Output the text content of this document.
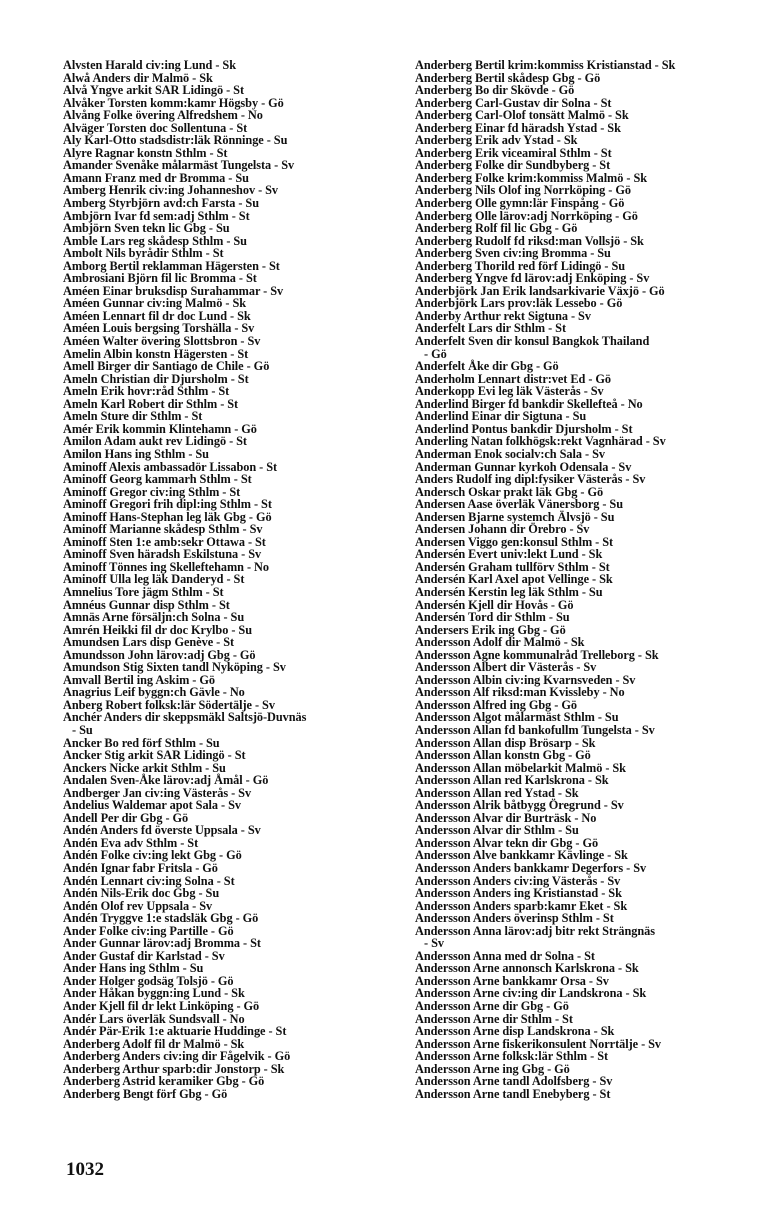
Alvsten Harald civ:ing Lund - Sk
Alwå Anders dir Malmö - Sk
Alvå Yngve arkit SAR Lidingö - St
Alvåker Torsten komm:kamr Högsby - Gö
Alvång Folke övering Alfredshem - No
Alväger Torsten doc Sollentuna - St
Aly Karl-Otto stadsdistr:läk Rönninge - Su
Alyre Ragnar konstn Sthlm - St
Amander Svenåke målarmäst Tungelsta - Sv
Amann Franz med dr Bromma - Su
Amberg Henrik civ:ing Johanneshov - Sv
Amberg Styrbjörn avd:ch Farsta - Su
Ambjörn Ivar fd sem:adj Sthlm - St
Ambjörn Sven tekn lic Gbg - Su
Amble Lars reg skådesp Sthlm - Su
Ambolt Nils byrådir Sthlm - St
Amborg Bertil reklamman Hägersten - St
Ambrosiani Björn fil lic Bromma - St
Améen Einar bruksdisp Surahammar - Sv
Améen Gunnar civ:ing Malmö - Sk
Améen Lennart fil dr doc Lund - Sk
Améen Louis bergsing Torshälla - Sv
Améen Walter övering Slottsbron - Sv
Amelin Albin konstn Hägersten - St
Amell Birger dir Santiago de Chile - Gö
Ameln Christian dir Djursholm - St
Ameln Erik hovr:råd Sthlm - St
Ameln Karl Robert dir Sthlm - St
Ameln Sture dir Sthlm - St
Amér Erik kommin Klintehamn - Gö
Amilon Adam aukt rev Lidingö - St
Amilon Hans ing Sthlm - Su
Aminoff Alexis ambassadör Lissabon - St
Aminoff Georg kammarh Sthlm - St
Aminoff Gregor civ:ing Sthlm - St
Aminoff Gregori frih dipl:ing Sthlm - St
Aminoff Hans-Stephan leg läk Gbg - Gö
Aminoff Marianne skådesp Sthlm - Sv
Aminoff Sten 1:e amb:sekr Ottawa - St
Aminoff Sven häradsh Eskilstuna - Sv
Aminoff Tönnes ing Skelleftehamn - No
Aminoff Ulla leg läk Danderyd - St
Amnelius Tore jägm Sthlm - St
Amnéus Gunnar disp Sthlm - St
Amnäs Arne försäljn:ch Solna - Su
Amrén Heikki fil dr doc Krylbo - Su
Amundsen Lars disp Genève - St
Amundsson John lärov:adj Gbg - Gö
Amundson Stig Sixten tandl Nyköping - Sv
Amvall Bertil ing Askim - Gö
Anagrius Leif byggn:ch Gävle - No
Anberg Robert folksk:lär Södertälje - Sv
Anchér Anders dir skeppsmäkl Saltsjö-Duvnäs
- Su
Ancker Bo red förf Sthlm - Su
Ancker Stig arkit SAR Lidingö - St
Anckers Nicke arkit Sthlm - Su
Andalen Sven-Åke lärov:adj Åmål - Gö
Andberger Jan civ:ing Västerås - Sv
Andelius Waldemar apot Sala - Sv
Andell Per dir Gbg - Gö
Andén Anders fd överste Uppsala - Sv
Andén Eva adv Sthlm - St
Andén Folke civ:ing lekt Gbg - Gö
Andén Ignar fabr Fritsla - Gö
Andén Lennart civ:ing Solna - St
Andén Nils-Erik doc Gbg - Su
Andén Olof rev Uppsala - Sv
Andén Tryggve 1:e stadsläk Gbg - Gö
Ander Folke civ:ing Partille - Gö
Ander Gunnar lärov:adj Bromma - St
Ander Gustaf dir Karlstad - Sv
Ander Hans ing Sthlm - Su
Ander Holger godsäg Tolsjö - Gö
Ander Håkan byggn:ing Lund - Sk
Ander Kjell fil dr lekt Linköping - Gö
Andér Lars överläk Sundsvall - No
Andér Pär-Erik 1:e aktuarie Huddinge - St
Anderberg Adolf fil dr Malmö - Sk
Anderberg Anders civ:ing dir Fågelvik - Gö
Anderberg Arthur sparb:dir Jonstorp - Sk
Anderberg Astrid keramiker Gbg - Gö
Anderberg Bengt förf Gbg - Gö
Anderberg Bertil krim:kommiss Kristianstad - Sk
Anderberg Bertil skådesp Gbg - Gö
Anderberg Bo dir Skövde - Gö
Anderberg Carl-Gustav dir Solna - St
Anderberg Carl-Olof tonsätt Malmö - Sk
Anderberg Einar fd häradsh Ystad - Sk
Anderberg Erik adv Ystad - Sk
Anderberg Erik viceamiral Sthlm - St
Anderberg Folke dir Sundbyberg - St
Anderberg Folke krim:kommiss Malmö - Sk
Anderberg Nils Olof ing Norrköping - Gö
Anderberg Olle gymn:lär Finspång - Gö
Anderberg Olle lärov:adj Norrköping - Gö
Anderberg Rolf fil lic Gbg - Gö
Anderberg Rudolf fd riksd:man Vollsjö - Sk
Anderberg Sven civ:ing Bromma - Su
Anderberg Thorild red förf Lidingö - Su
Anderberg Yngve fd lärov:adj Enköping - Sv
Anderbjörk Jan Erik landsarkivarie Växjö - Gö
Anderbjörk Lars prov:läk Lessebo - Gö
Anderby Arthur rekt Sigtuna - Sv
Anderfelt Lars dir Sthlm - St
Anderfelt Sven dir konsul Bangkok Thailand
- Gö
Anderfelt Åke dir Gbg - Gö
Anderholm Lennart distr:vet Ed - Gö
Anderkopp Evi leg läk Västerås - Sv
Anderlind Birger fd bankdir Skellefteå - No
Anderlind Einar dir Sigtuna - Su
Anderlind Pontus bankdir Djursholm - St
Anderling Natan folkhögsk:rekt Vagnhärad - Sv
Anderman Enok socialv:ch Sala - Sv
Anderman Gunnar kyrkoh Odensala - Sv
Anders Rudolf ing dipl:fysiker Västerås - Sv
Andersch Oskar prakt läk Gbg - Gö
Andersen Aase överläk Vänersborg - Su
Andersen Bjarne systemch Älvsjö - Su
Andersen Johann dir Örebro - Sv
Andersen Viggo gen:konsul Sthlm - St
Andersén Evert univ:lekt Lund - Sk
Andersén Graham tullförv Sthlm - St
Andersén Karl Axel apot Vellinge - Sk
Andersén Kerstin leg läk Sthlm - Su
Andersén Kjell dir Hovås - Gö
Andersén Tord dir Sthlm - Su
Andersers Erik ing Gbg - Gö
Andersson Adolf dir Malmö - Sk
Andersson Agne kommunalråd Trelleborg - Sk
Andersson Albert dir Västerås - Sv
Andersson Albin civ:ing Kvarnsveden - Sv
Andersson Alf riksd:man Kvissleby - No
Andersson Alfred ing Gbg - Gö
Andersson Algot målarmäst Sthlm - Su
Andersson Allan fd bankofullm Tungelsta - Sv
Andersson Allan disp Brösarp - Sk
Andersson Allan konstn Gbg - Gö
Andersson Allan möbelarkit Malmö - Sk
Andersson Allan red Karlskrona - Sk
Andersson Allan red Ystad - Sk
Andersson Alrik båtbygg Öregrund - Sv
Andersson Alvar dir Burträsk - No
Andersson Alvar dir Sthlm - Su
Andersson Alvar tekn dir Gbg - Gö
Andersson Alve bankkamr Kävlinge - Sk
Andersson Anders bankkamr Degerfors - Sv
Andersson Anders civ:ing Västerås - Sv
Andersson Anders ing Kristianstad - Sk
Andersson Anders sparb:kamr Eket - Sk
Andersson Anders överinsp Sthlm - St
Andersson Anna lärov:adj bitr rekt Strängnäs
- Sv
Andersson Anna med dr Solna - St
Andersson Arne annonsch Karlskrona - Sk
Andersson Arne bankkamr Orsa - Sv
Andersson Arne civ:ing dir Landskrona - Sk
Andersson Arne dir Gbg - Gö
Andersson Arne dir Sthlm - St
Andersson Arne disp Landskrona - Sk
Andersson Arne fiskerikonsulent Norrtälje - Sv
Andersson Arne folksk:lär Sthlm - St
Andersson Arne ing Gbg - Gö
Andersson Arne tandl Adolfsberg - Sv
Andersson Arne tandl Enebyberg - St
1032
